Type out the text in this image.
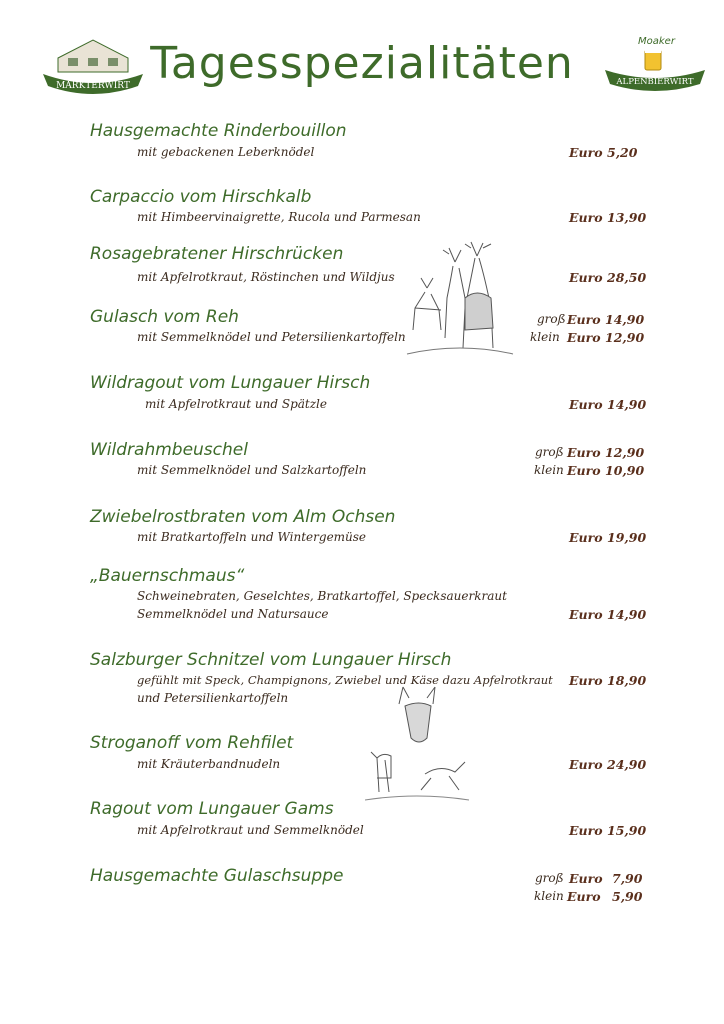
Tagesspezialitäten
MARKTERWIRT
Moaker
ALPENBIERWIRT
Hausgemachte Rinderbouillon
mit gebackenen Leberknödel	Euro 5,20
Carpaccio vom Hirschkalb
mit Himbeervinaigrette, Rucola und Parmesan	Euro 13,90
Rosagebratener Hirschrücken
mit Apfelrotkraut, Röstinchen und Wildjus	Euro 28,50
Gulasch vom Reh
mit Semmelknödel und Petersilienkartoffeln
groß Euro 14,90
klein Euro 12,90
Wildragout vom Lungauer Hirsch
mit Apfelrotkraut und Spätzle	Euro 14,90
Wildrahmbeuschel
mit Semmelknödel und Salzkartoffeln
groß Euro 12,90
klein Euro 10,90
Zwiebelrostbraten vom Alm Ochsen
mit Bratkartoffeln und Wintergemüse	Euro 19,90
„Bauernschmaus“
Schweinebraten, Geselchtes, Bratkartoffel, Specksauerkraut
Semmelknödel und Natursauce	Euro 14,90
Salzburger Schnitzel vom Lungauer Hirsch
gefühlt mit Speck, Champignons, Zwiebel und Käse dazu Apfelrotkraut
und Petersilienkartoffeln
Euro 18,90
Stroganoff vom Rehfilet
mit Kräuterbandnudeln	Euro 24,90
Ragout vom Lungauer Gams
mit Apfelrotkraut und Semmelknödel	Euro 15,90
Hausgemachte Gulaschsuppe	groß Euro 7,90
klein Euro 5,90
